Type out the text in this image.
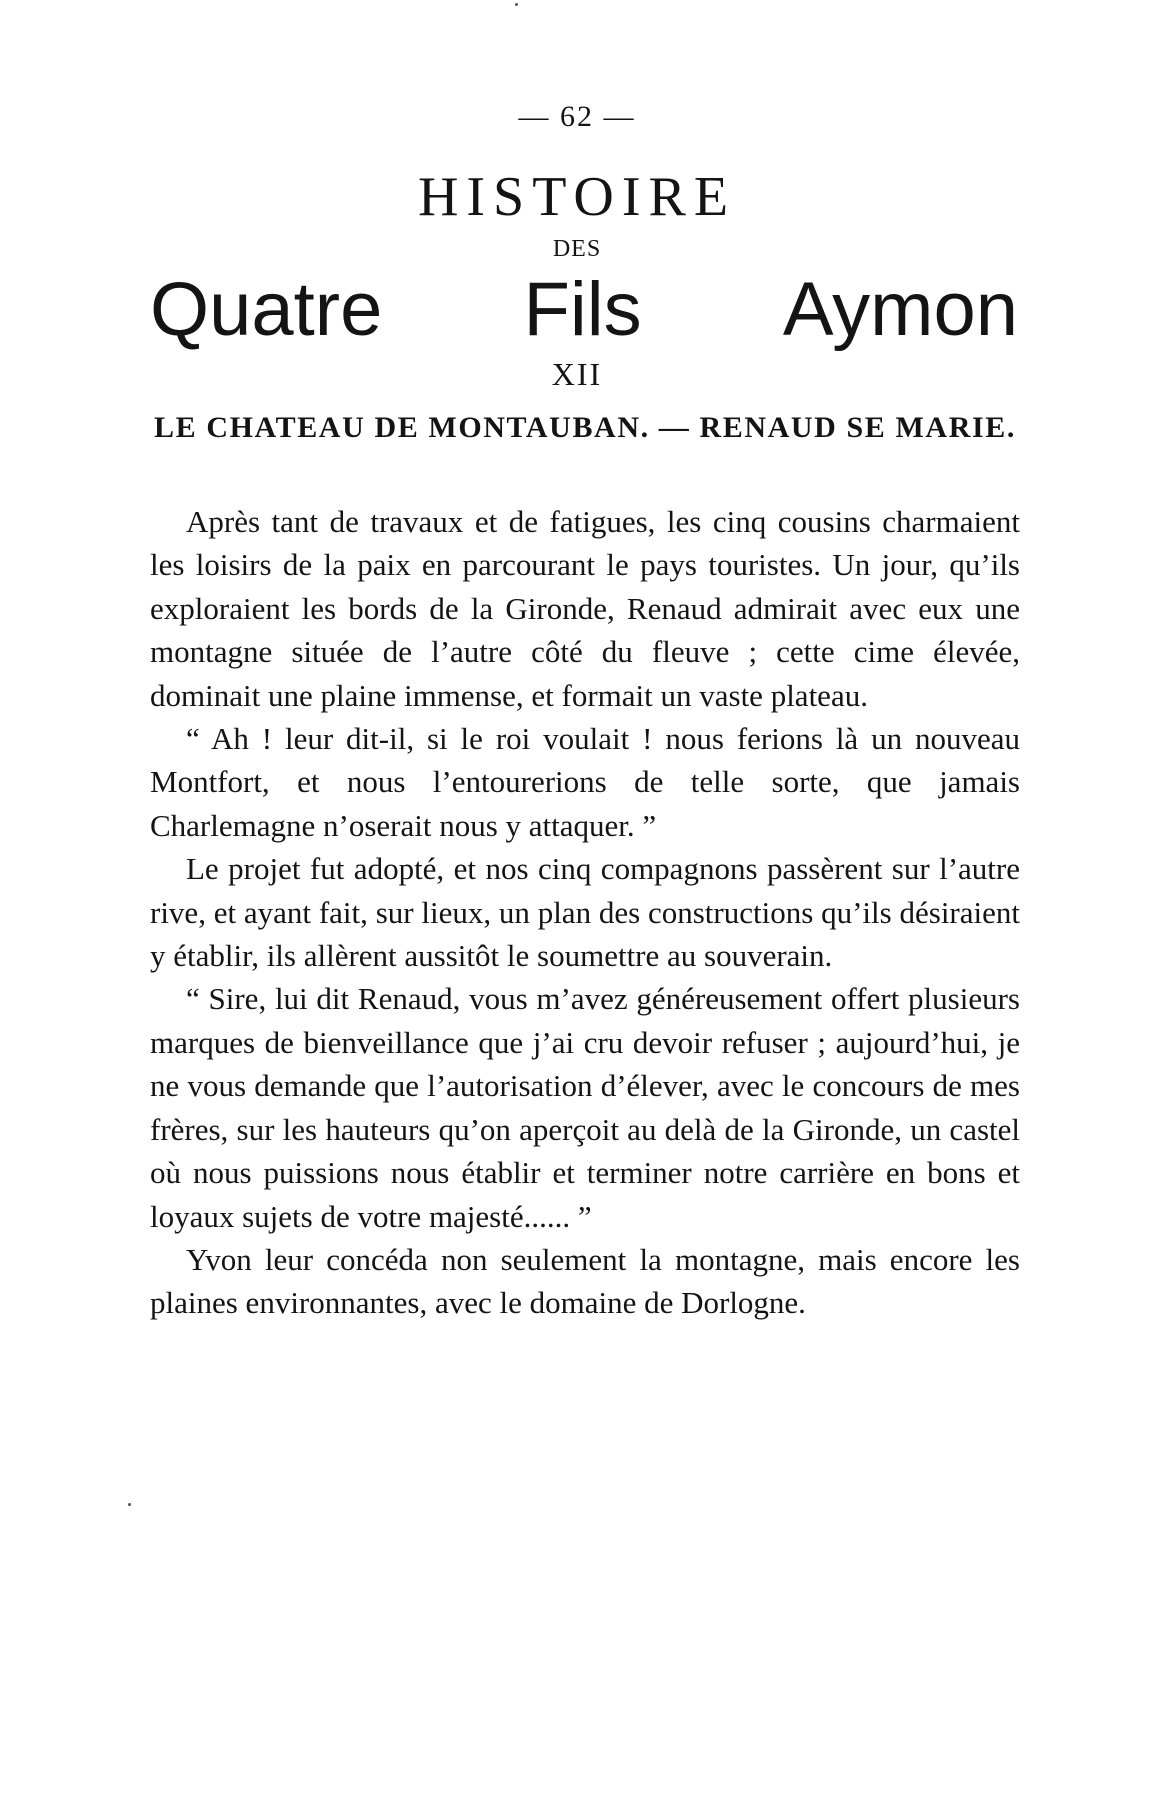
— 62 —
HISTOIRE
DES
Quatre Fils Aymon
XII
LE CHATEAU DE MONTAUBAN. — RENAUD SE MARIE.

Après tant de travaux et de fatigues, les cinq cousins charmaient les loisirs de la paix en parcourant le pays touristes. Un jour, qu’ils exploraient les bords de la Gironde, Renaud admirait avec eux une montagne située de l’autre côté du fleuve ; cette cime élevée, dominait une plaine immense, et formait un vaste plateau.

“ Ah ! leur dit-il, si le roi voulait ! nous ferions là un nouveau Montfort, et nous l’entourerions de telle sorte, que jamais Charlemagne n’oserait nous y attaquer. ”

Le projet fut adopté, et nos cinq compagnons passèrent sur l’autre rive, et ayant fait, sur lieux, un plan des constructions qu’ils désiraient y établir, ils allèrent aussitôt le soumettre au souverain.

“ Sire, lui dit Renaud, vous m’avez généreusement offert plusieurs marques de bienveillance que j’ai cru devoir refuser ; aujourd’hui, je ne vous demande que l’autorisation d’élever, avec le concours de mes frères, sur les hauteurs qu’on aperçoit au delà de la Gironde, un castel où nous puissions nous établir et terminer notre carrière en bons et loyaux sujets de votre majesté...... ”

Yvon leur concéda non seulement la montagne, mais encore les plaines environnantes, avec le domaine de Dorlogne.
